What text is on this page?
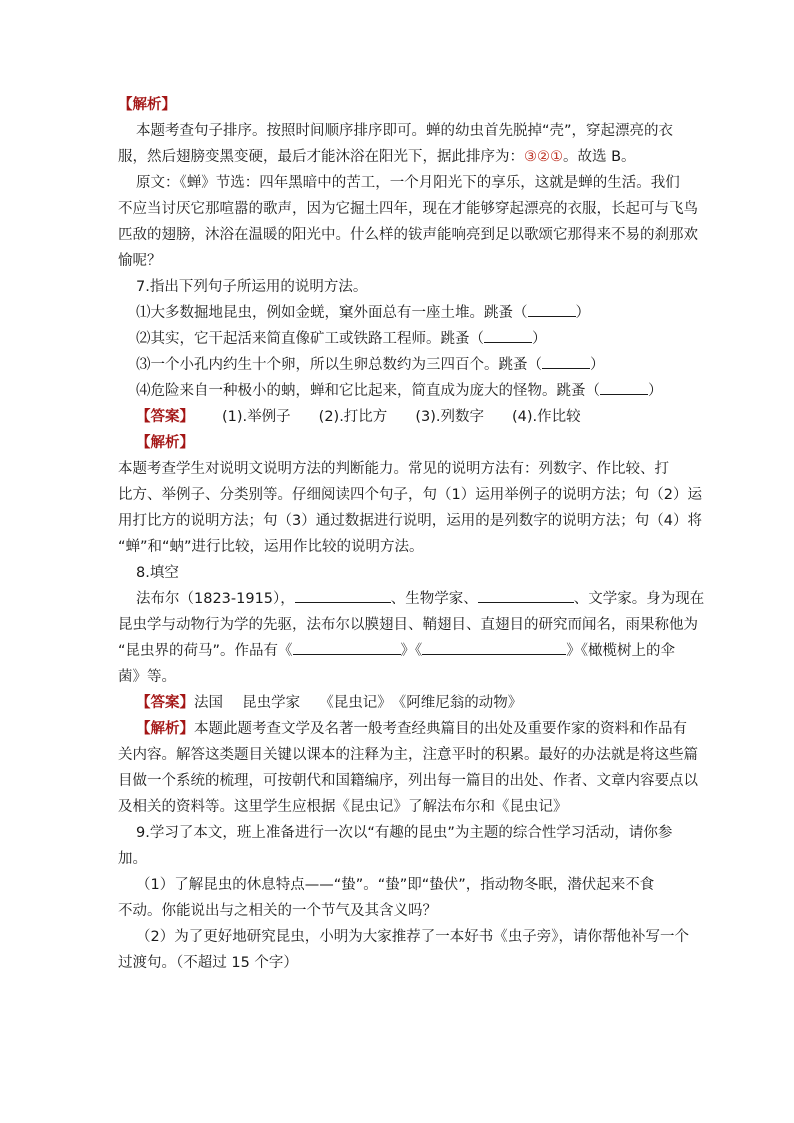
【解析】
本题考查句子排序。按照时间顺序排序即可。蝉的幼虫首先脱掉“壳”，穿起漂亮的衣
服，然后翅膀变黑变硬，最后才能沐浴在阳光下，据此排序为：③②①。故选 B。
原文：《蝉》节选：四年黑暗中的苦工，一个月阳光下的享乐，这就是蝉的生活。我们
不应当讨厌它那喧嚣的歌声，因为它掘土四年，现在才能够穿起漂亮的衣服，长起可与飞鸟
匹敌的翅膀，沐浴在温暖的阳光中。什么样的钹声能响亮到足以歌颂它那得来不易的刹那欢
愉呢？
7.指出下列句子所运用的说明方法。
⑴大多数掘地昆虫，例如金蜣，窠外面总有一座土堆。跳蚤（	）
⑵其实，它干起活来简直像矿工或铁路工程师。跳蚤（	）
⑶一个小孔内约生十个卵，所以生卵总数约为三四百个。跳蚤（	）
⑷危险来自一种极小的蚋，蝉和它比起来，简直成为庞大的怪物。跳蚤（	）
【答案】 (1).举例子 (2).打比方 (3).列数字 (4).作比较
【解析】
本题考查学生对说明文说明方法的判断能力。常见的说明方法有：列数字、作比较、打
比方、举例子、分类别等。仔细阅读四个句子，句（1）运用举例子的说明方法；句（2）运
用打比方的说明方法；句（3）通过数据进行说明，运用的是列数字的说明方法；句（4）将
“蝉”和“蚋”进行比较，运用作比较的说明方法。
8.填空
法布尔（1823-1915），	、生物学家、	、文学家。身为现在
昆虫学与动物行为学的先驱，法布尔以膜翅目、鞘翅目、直翅目的研究而闻名，雨果称他为
“昆虫界的荷马”。作品有《	》《	》《橄榄树上的伞
菌》等。
【答案】法国　 昆虫学家　 《昆虫记》　《阿维尼翁的动物》
【解析】本题此题考查文学及名著一般考查经典篇目的出处及重要作家的资料和作品有
关内容。解答这类题目关键以课本的注释为主，注意平时的积累。最好的办法就是将这些篇
目做一个系统的梳理，可按朝代和国籍编序，列出每一篇目的出处、作者、文章内容要点以
及相关的资料等。这里学生应根据《昆虫记》了解法布尔和《昆虫记》
9.学习了本文，班上准备进行一次以“有趣的昆虫”为主题的综合性学习活动，请你参
加。
（1）了解昆虫的休息特点——“蛰”。“蛰”即“蛰伏”，指动物冬眠，潜伏起来不食
不动。你能说出与之相关的一个节气及其含义吗？
（2）为了更好地研究昆虫，小明为大家推荐了一本好书《虫子旁》，请你帮他补写一个
过渡句。（不超过 15 个字）
